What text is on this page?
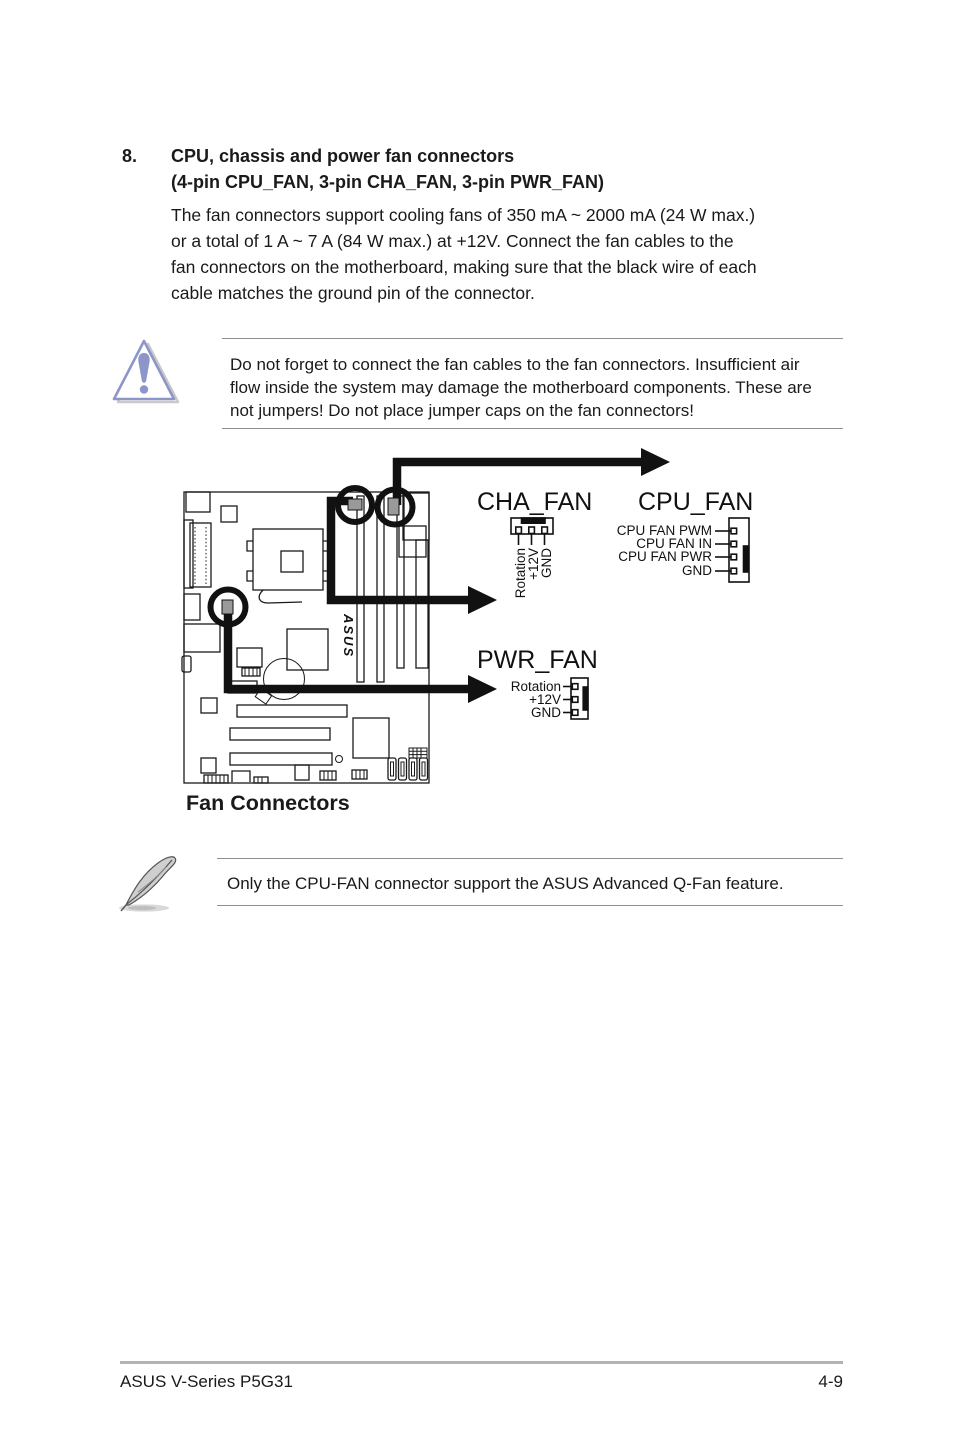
8. CPU, chassis and power fan connectors
(4-pin CPU_FAN, 3-pin CHA_FAN, 3-pin PWR_FAN)
The fan connectors support cooling fans of 350 mA ~ 2000 mA (24 W max.)
or a total of 1 A ~ 7 A (84 W max.) at +12V. Connect the fan cables to the
fan connectors on the motherboard, making sure that the black wire of each
cable matches the ground pin of the connector.
Do not forget to connect the fan cables to the fan connectors. Insufficient air
flow inside the system may damage the motherboard components. These are
not jumpers! Do not place jumper caps on the fan connectors!
ASUS
CHA_FAN
Rotation
+12V
GND
CPU_FAN
CPU FAN PWM
CPU FAN IN
CPU FAN PWR
GND
PWR_FAN
Rotation
+12V
GND
Fan Connectors
Only the CPU-FAN connector support the ASUS Advanced Q-Fan feature.
ASUS V-Series P5G31	4-9
